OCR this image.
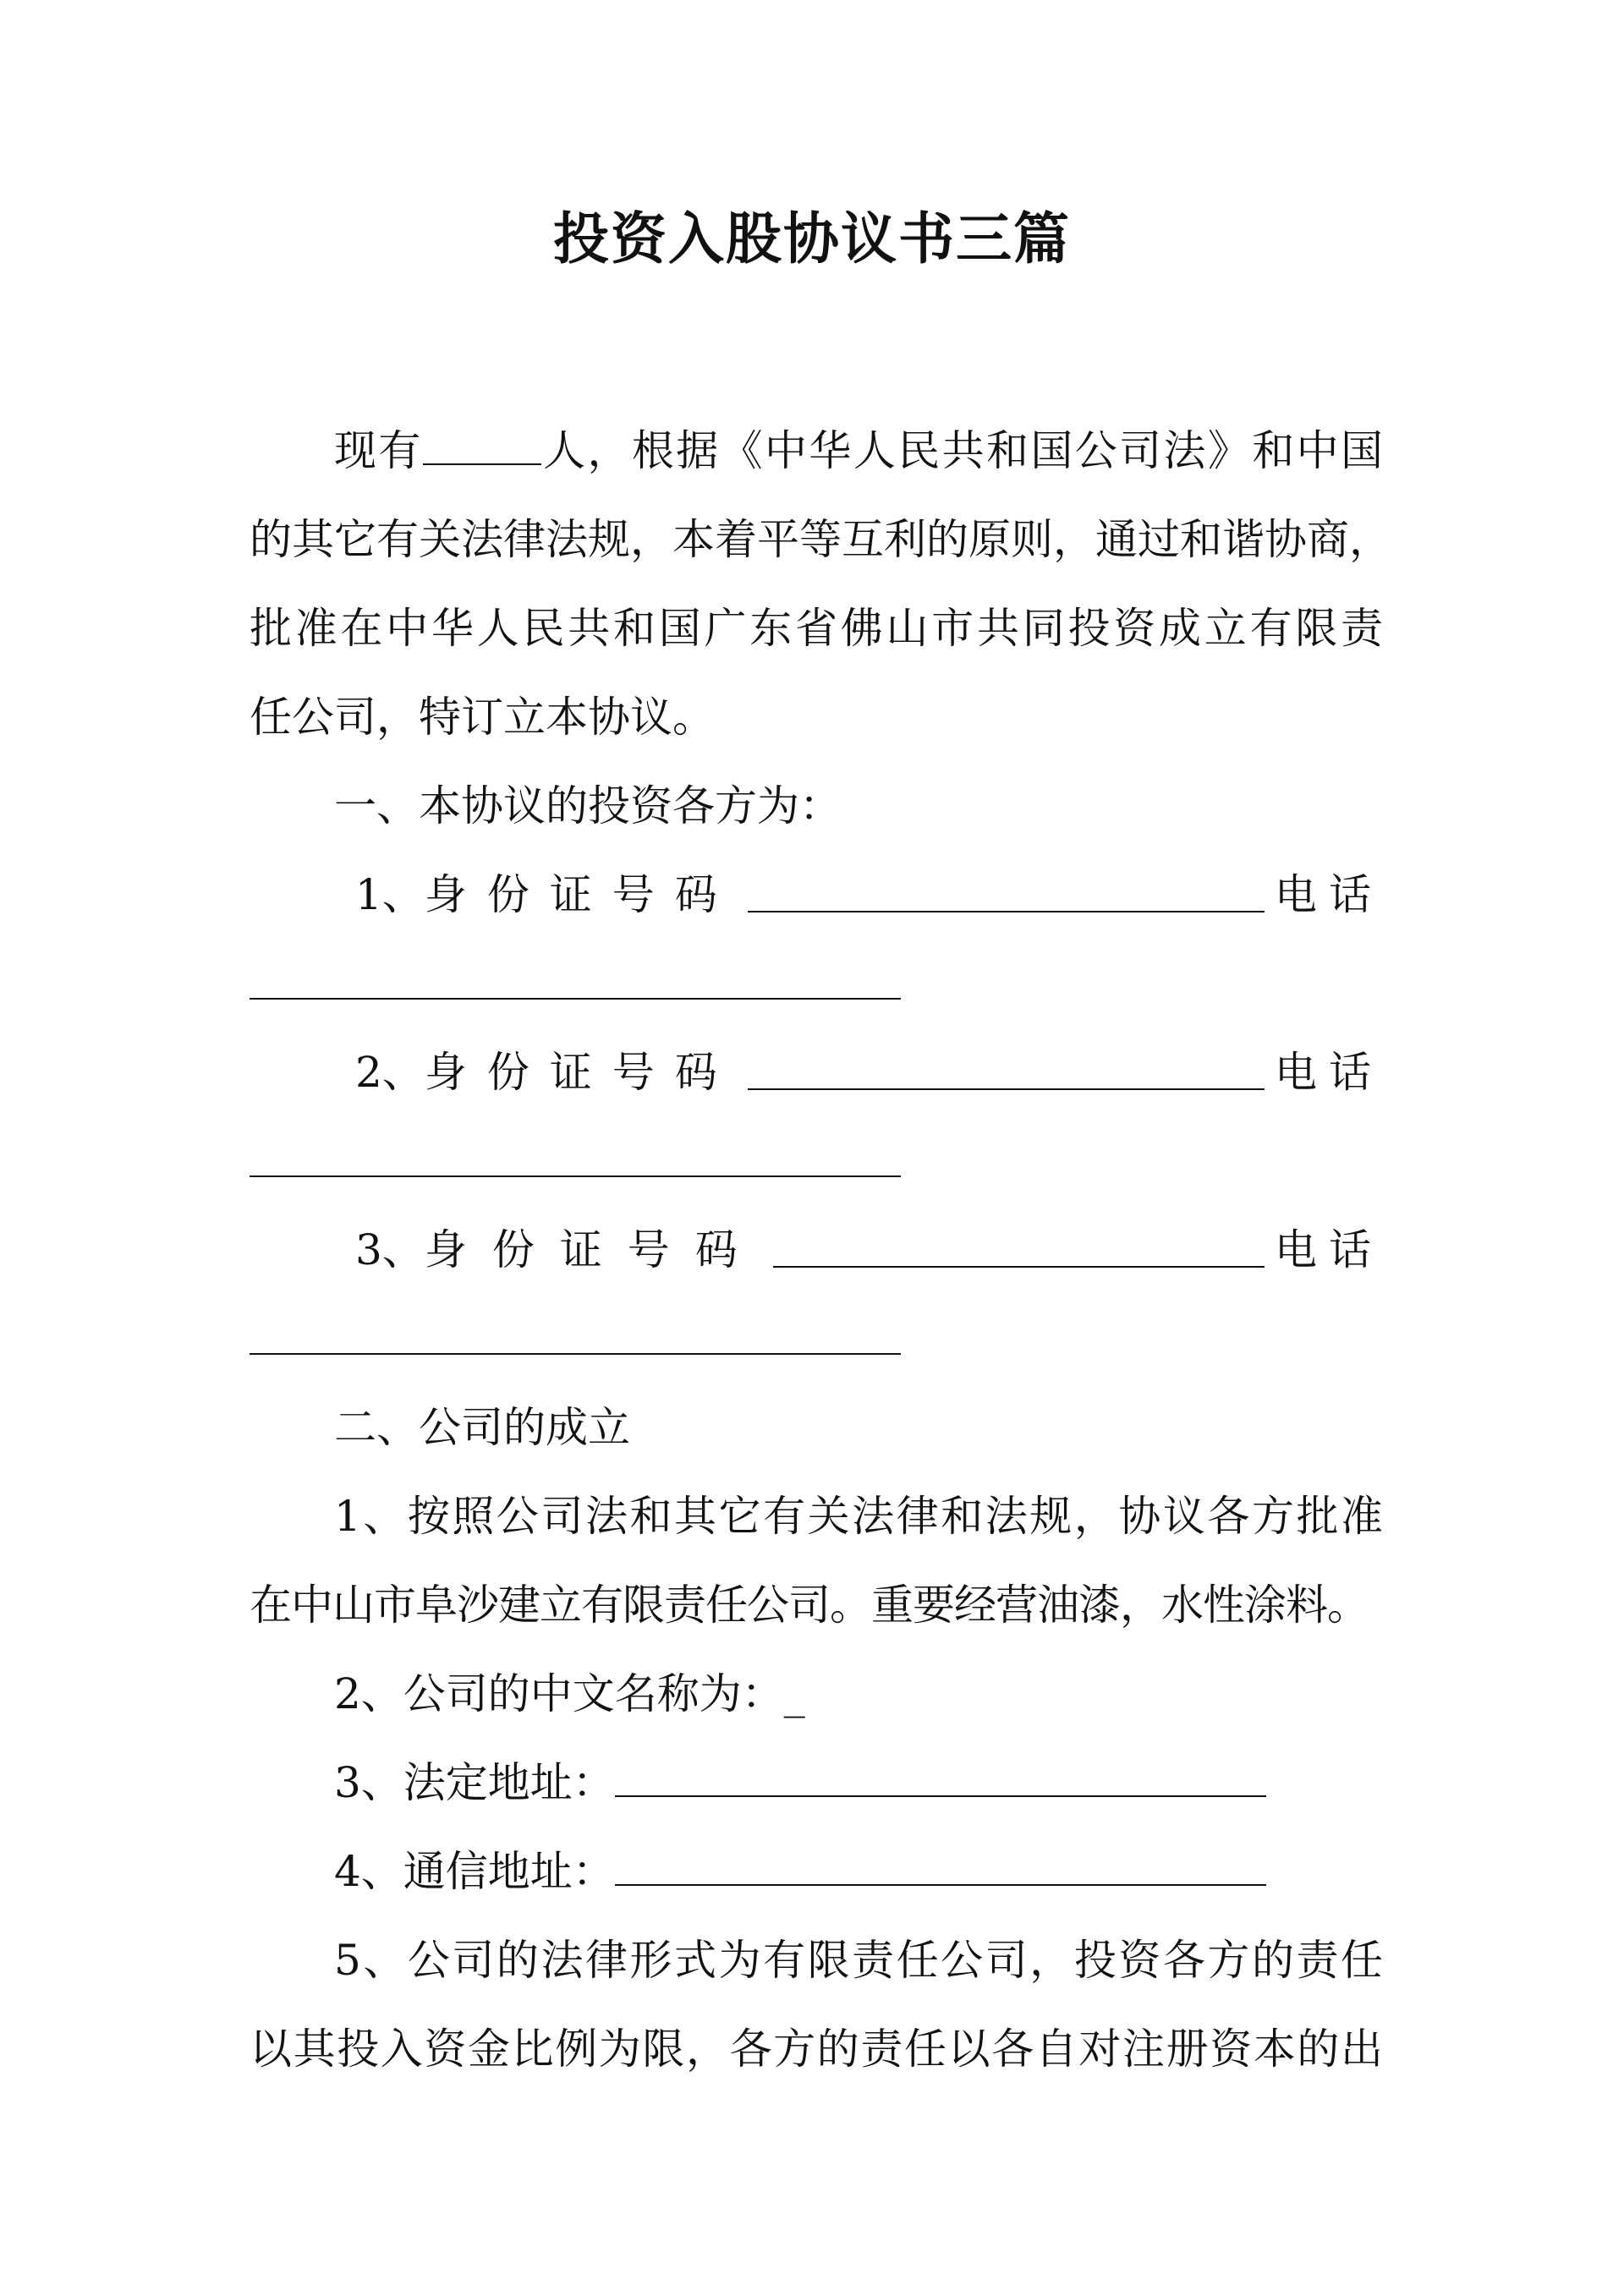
投资入股协议书三篇
现有	人，根据《中华人民共和国公司法》和中国
的其它有关法律法规，本着平等互利的原则，通过和谐协商，
批准在中华人民共和国广东省佛山市共同投资成立有限责
任公司，特订立本协议。
一、本协议的投资各方为：
1、 身份证号码	电话
2、 身份证号码	电话
3、 身份证号码	电话
二、公司的成立
1、按照公司法和其它有关法律和法规，协议各方批准
在中山市阜沙建立有限责任公司。重要经营油漆，水性涂料。
2、公司的中文名称为：_
3、法定地址：
4、通信地址：
5、公司的法律形式为有限责任公司，投资各方的责任
以其投入资金比例为限，各方的责任以各自对注册资本的出
